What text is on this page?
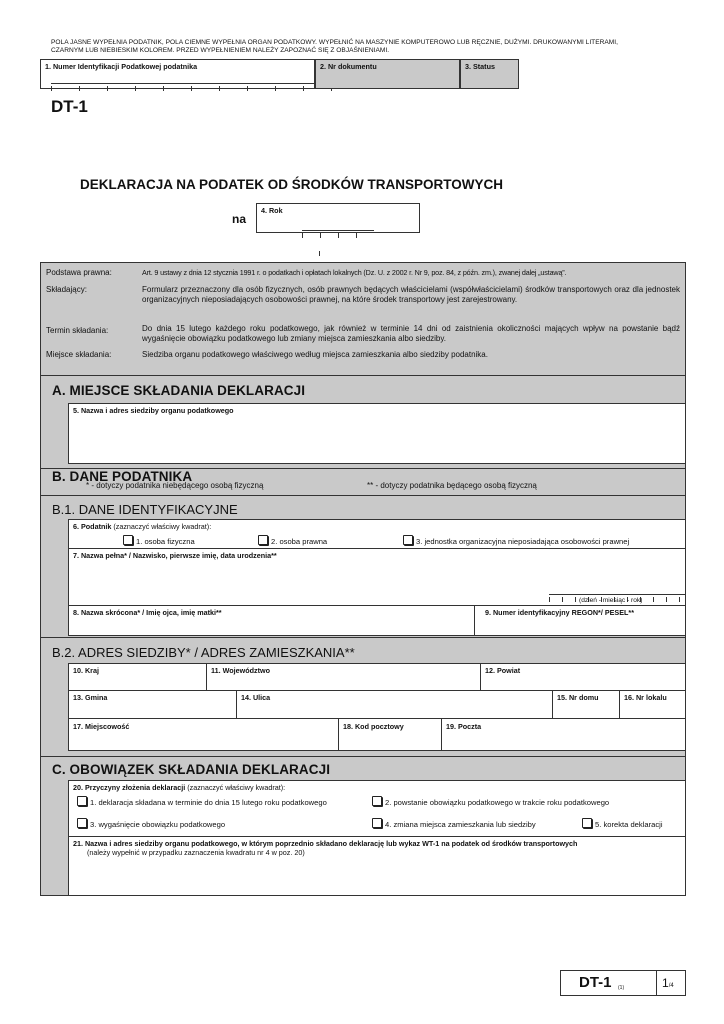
POLA JASNE WYPEŁNIA PODATNIK, POLA CIEMNE WYPEŁNIA ORGAN PODATKOWY. WYPEŁNIĆ NA MASZYNIE KOMPUTEROWO LUB RĘCZNIE, DUŻYMI. DRUKOWANYMI LITERAMI,
CZARNYM LUB NIEBIESKIM KOLOREM. PRZED WYPEŁNIENIEM NALEŻY ZAPOZNAĆ SIĘ Z OBJAŚNIENIAMI.
1. Numer Identyfikacji Podatkowej podatnika	2. Nr dokumentu	3. Status
DT-1
DEKLARACJA NA PODATEK OD ŚRODKÓW TRANSPORTOWYCH
na
4. Rok
Podstawa prawna:	Art. 9 ustawy z dnia 12 stycznia 1991 r. o podatkach i opłatach lokalnych (Dz. U. z 2002 r. Nr 9, poz. 84, z późn. zm.), zwanej dalej „ustawą”.
Składający:	Formularz przeznaczony dla osób fizycznych, osób prawnych będących właścicielami (współwłaścicielami) środków transportowych oraz dla jednostek organizacyjnych nieposiadających osobowości prawnej, na które środek transportowy jest zarejestrowany.
Termin składania:	Do dnia 15 lutego każdego roku podatkowego, jak również w terminie 14 dni od zaistnienia okoliczności mających wpływ na powstanie bądź wygaśnięcie obowiązku podatkowego lub zmiany miejsca zamieszkania albo siedziby.
Miejsce składania:	Siedziba organu podatkowego właściwego według miejsca zamieszkania albo siedziby podatnika.
A. MIEJSCE SKŁADANIA DEKLARACJI
5. Nazwa i adres siedziby organu podatkowego
B. DANE PODATNIKA
* - dotyczy podatnika niebędącego osobą fizyczną	** - dotyczy podatnika będącego osobą fizyczną
B.1. DANE IDENTYFIKACYJNE
6. Podatnik (zaznaczyć właściwy kwadrat):
1. osoba fizyczna	2. osoba prawna	3. jednostka organizacyjna nieposiadająca osobowości prawnej
7. Nazwa pełna* / Nazwisko, pierwsze imię, data urodzenia**
(dzień - miesiąc - rok)
8. Nazwa skrócona* / Imię ojca, imię matki**	9. Numer identyfikacyjny REGON*/ PESEL**
B.2. ADRES SIEDZIBY* / ADRES ZAMIESZKANIA**
10. Kraj	11. Województwo	12. Powiat
13. Gmina	14. Ulica	15. Nr domu	16. Nr lokalu
17. Miejscowość	18. Kod pocztowy	19. Poczta
C. OBOWIĄZEK SKŁADANIA DEKLARACJI
20. Przyczyny złożenia deklaracji (zaznaczyć właściwy kwadrat):
1. deklaracja składana w terminie do dnia 15 lutego roku podatkowego	2. powstanie obowiązku podatkowego w trakcie roku podatkowego
3. wygaśnięcie obowiązku podatkowego	4. zmiana miejsca zamieszkania lub siedziby	5. korekta deklaracji
21. Nazwa i adres siedziby organu podatkowego, w którym poprzednio składano deklarację lub wykaz WT-1 na podatek od środków transportowych
(należy wypełnić w przypadku zaznaczenia kwadratu nr 4 w poz. 20)
DT-1 (1)	1/4
